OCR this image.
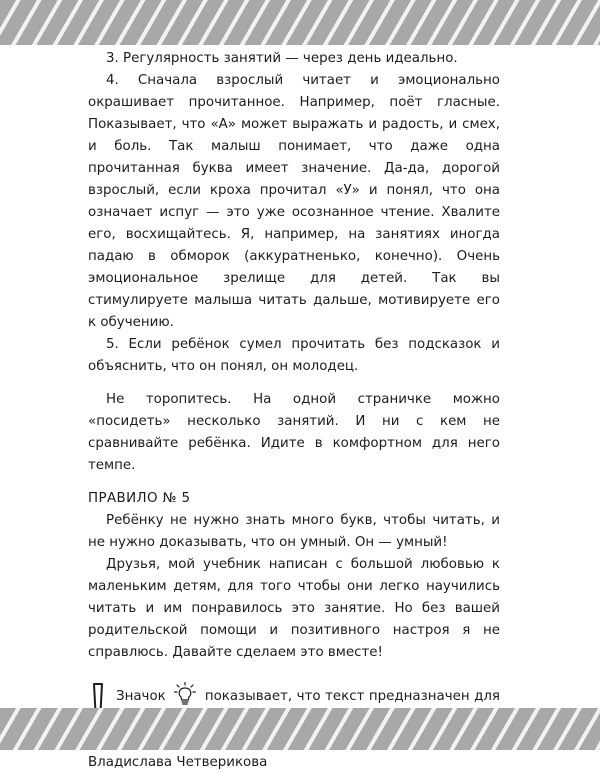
3. Регулярность занятий — через день идеально.

4. Сначала взрослый читает и эмоционально окрашивает прочитанное. Например, поёт гласные. Показывает, что «А» может выражать и радость, и смех, и боль. Так малыш понимает, что даже одна прочитанная буква имеет значение. Да-да, дорогой взрослый, если кроха прочитал «У» и понял, что она означает испуг — это уже осознанное чтение. Хвалите его, восхищайтесь. Я, например, на занятиях иногда падаю в обморок (аккуратненько, конечно). Очень эмоциональное зрелище для детей. Так вы стимулируете малыша читать дальше, мотивируете его к обучению.

5. Если ребёнок сумел прочитать без подсказок и объяснить, что он понял, он молодец.

Не торопитесь. На одной страничке можно «посидеть» несколько занятий. И ни с кем не сравнивайте ребёнка. Идите в комфортном для него темпе.

ПРАВИЛО № 5

Ребёнку не нужно знать много букв, чтобы читать, и не нужно доказывать, что он умный. Он — умный!

Друзья, мой учебник написан с большой любовью к маленьким детям, для того чтобы они легко научились читать и им понравилось это занятие. Но без вашей родительской помощи и позитивного настроя я не справлюсь. Давайте сделаем это вместе!

Значок	показывает, что текст предназначен для

Владислава Четверикова
